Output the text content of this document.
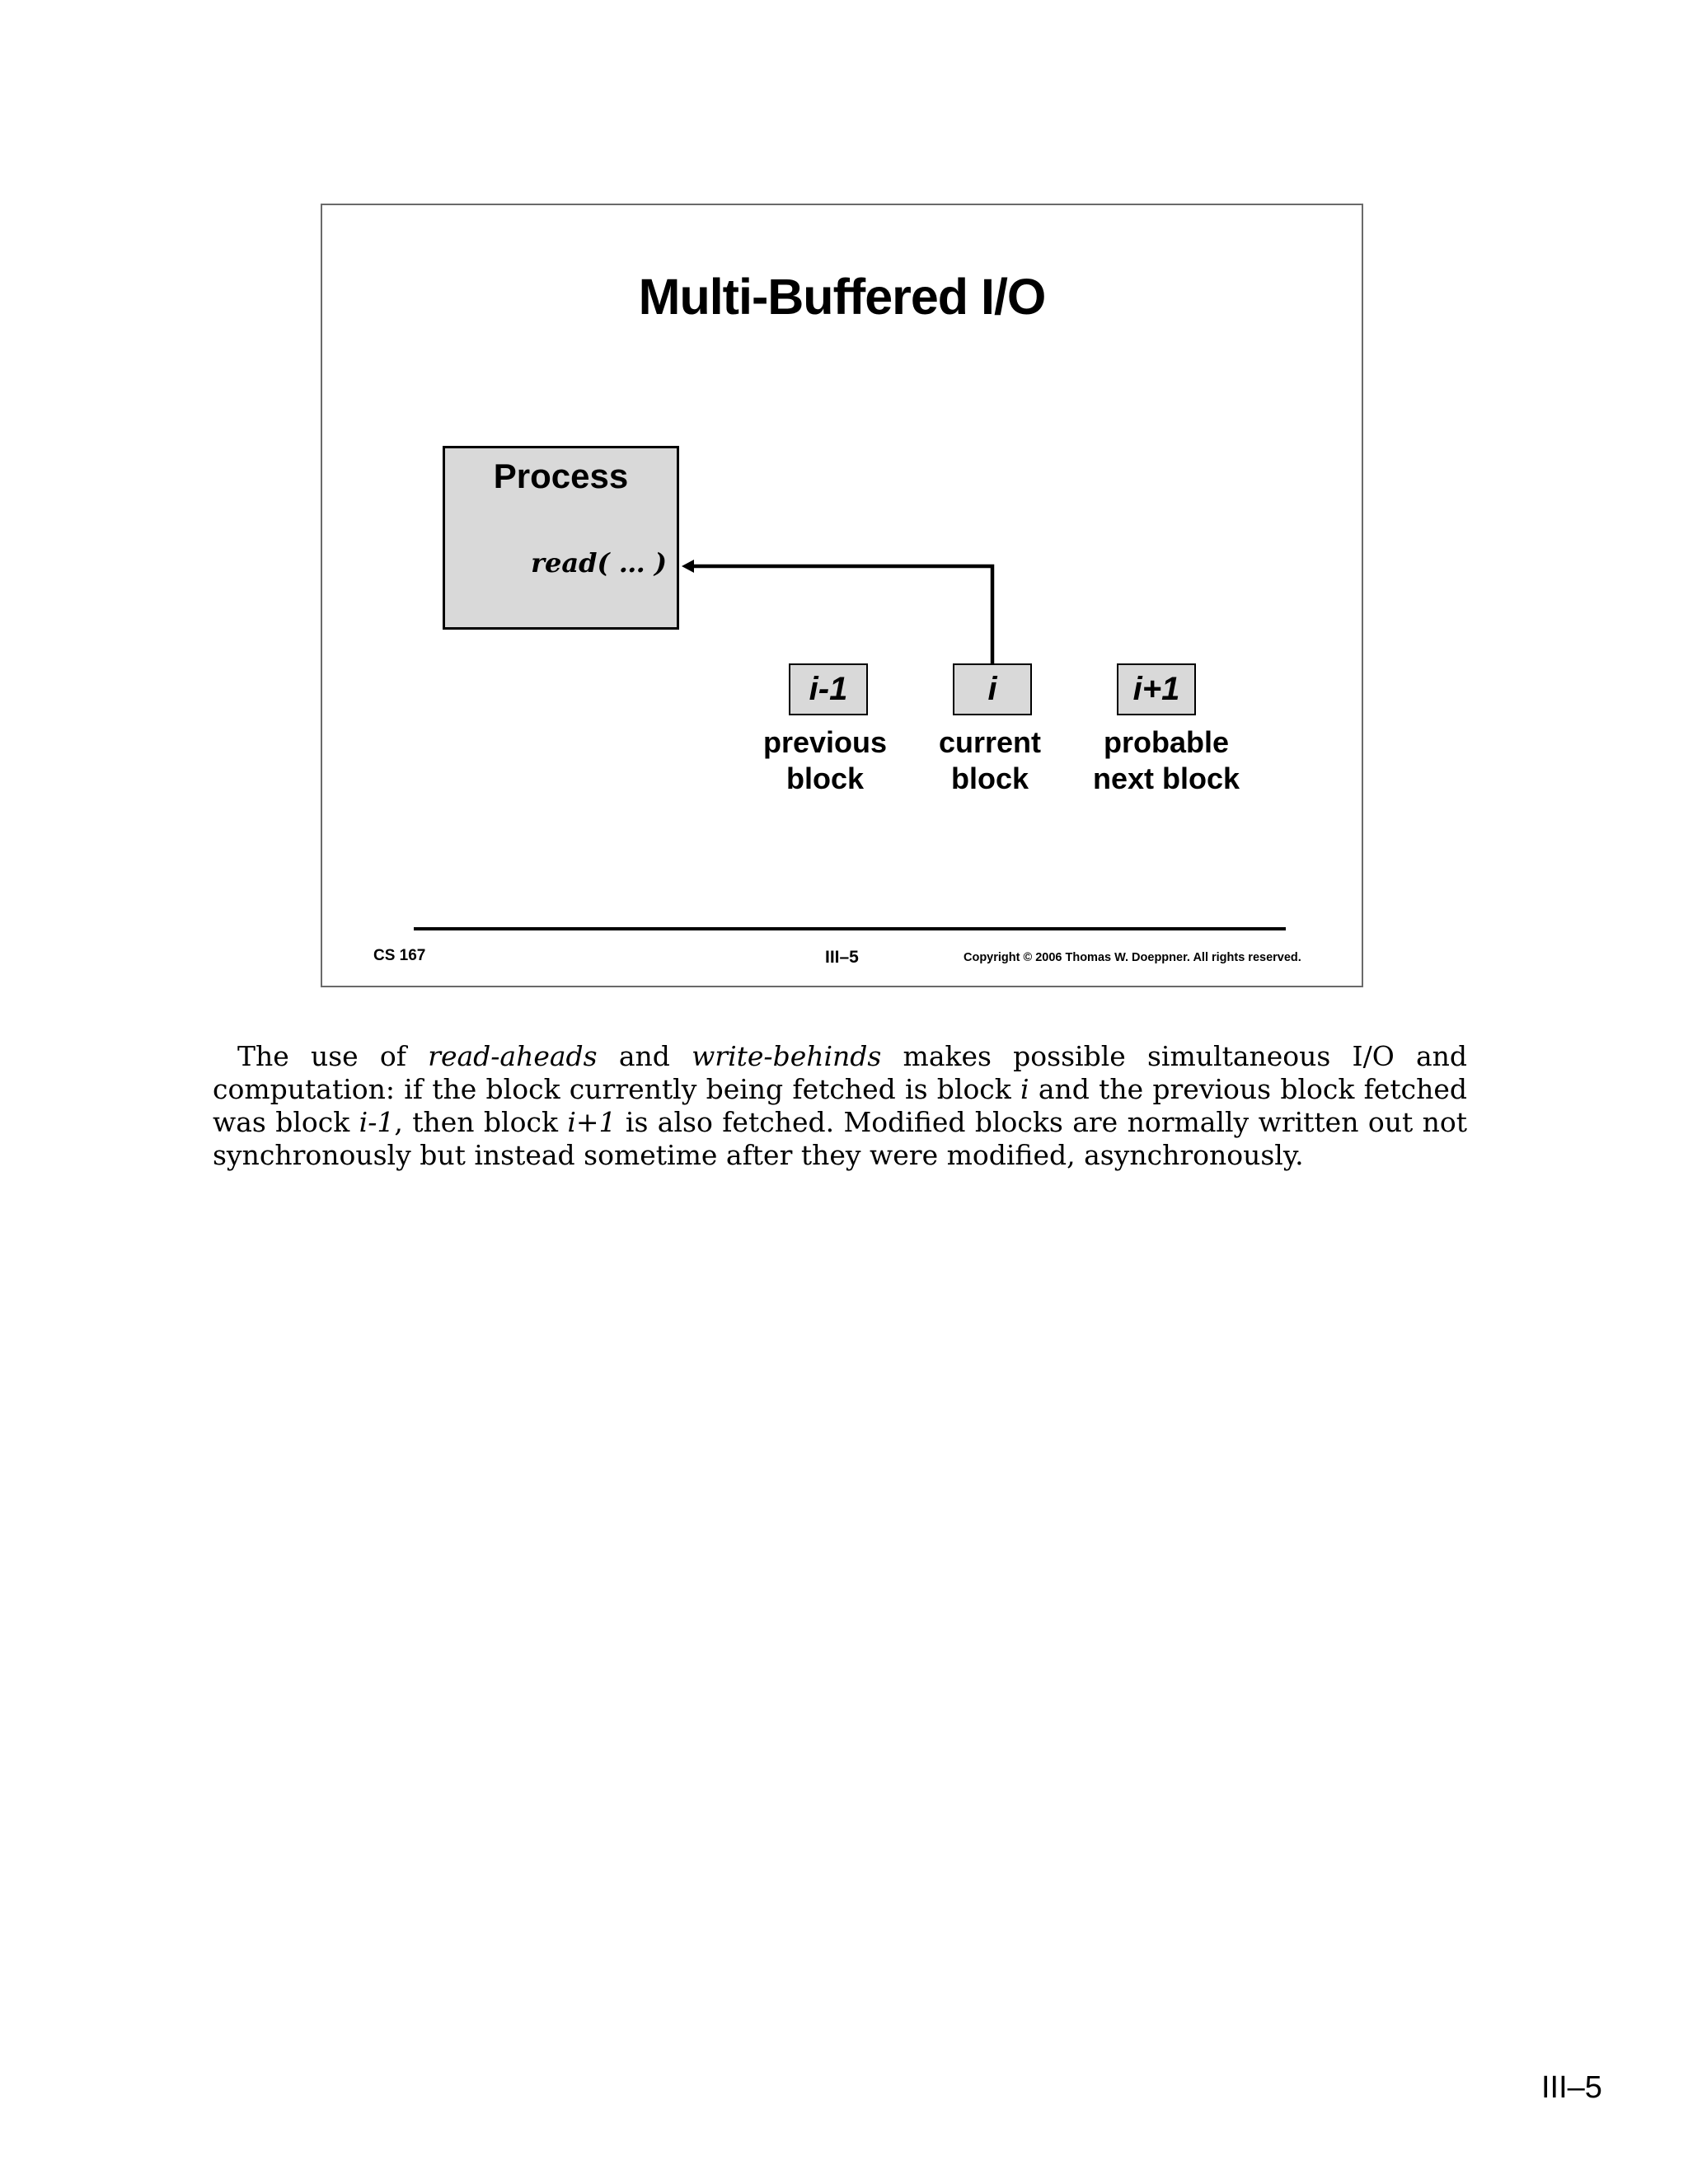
Multi-Buffered I/O
Process
read( … )
i-1	i	i+1
previous
block
current
block
probable
next block
CS 167	III–5	Copyright © 2006 Thomas W. Doeppner. All rights reserved.

The use of read-aheads and write-behinds makes possible simultaneous I/O and computation: if the block currently being fetched is block i and the previous block fetched was block i-1, then block i+1 is also fetched. Modified blocks are normally written out not synchronously but instead sometime after they were modified, asynchronously.

III–5
